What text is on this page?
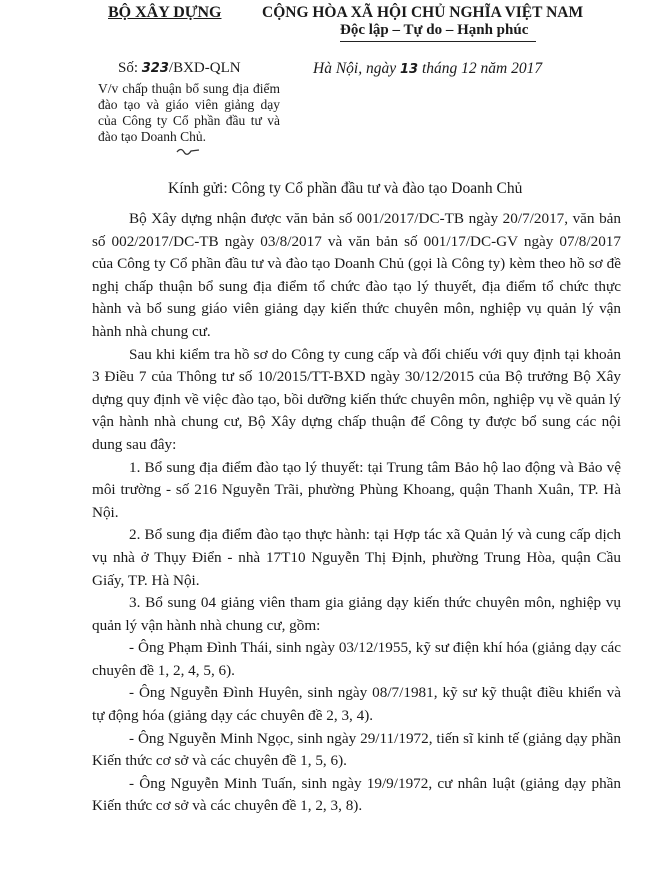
BỘ XÂY DỰNG	CỘNG HÒA XÃ HỘI CHỦ NGHĨA VIỆT NAM
Độc lập – Tự do – Hạnh phúc
Số: 323/BXD-QLN	Hà Nội, ngày 13 tháng 12 năm 2017
V/v chấp thuận bổ sung địa điểm đào tạo và giáo viên giảng dạy của Công ty Cổ phần đầu tư và đào tạo Doanh Chủ.
Kính gửi: Công ty Cổ phần đầu tư và đào tạo Doanh Chủ

Bộ Xây dựng nhận được văn bản số 001/2017/DC-TB ngày 20/7/2017, văn bản số 002/2017/DC-TB ngày 03/8/2017 và văn bản số 001/17/DC-GV ngày 07/8/2017 của Công ty Cổ phần đầu tư và đào tạo Doanh Chủ (gọi là Công ty) kèm theo hồ sơ đề nghị chấp thuận bổ sung địa điểm tổ chức đào tạo lý thuyết, địa điểm tổ chức thực hành và bổ sung giáo viên giảng dạy kiến thức chuyên môn, nghiệp vụ quản lý vận hành nhà chung cư.

Sau khi kiểm tra hồ sơ do Công ty cung cấp và đối chiếu với quy định tại khoản 3 Điều 7 của Thông tư số 10/2015/TT-BXD ngày 30/12/2015 của Bộ trưởng Bộ Xây dựng quy định về việc đào tạo, bồi dưỡng kiến thức chuyên môn, nghiệp vụ về quản lý vận hành nhà chung cư, Bộ Xây dựng chấp thuận để Công ty được bổ sung các nội dung sau đây:

1. Bổ sung địa điểm đào tạo lý thuyết: tại Trung tâm Bảo hộ lao động và Bảo vệ môi trường - số 216 Nguyễn Trãi, phường Phùng Khoang, quận Thanh Xuân, TP. Hà Nội.

2. Bổ sung địa điểm đào tạo thực hành: tại Hợp tác xã Quản lý và cung cấp dịch vụ nhà ở Thụy Điển - nhà 17T10 Nguyễn Thị Định, phường Trung Hòa, quận Cầu Giấy, TP. Hà Nội.

3. Bổ sung 04 giảng viên tham gia giảng dạy kiến thức chuyên môn, nghiệp vụ quản lý vận hành nhà chung cư, gồm:

- Ông Phạm Đình Thái, sinh ngày 03/12/1955, kỹ sư điện khí hóa (giảng dạy các chuyên đề 1, 2, 4, 5, 6).

- Ông Nguyễn Đình Huyên, sinh ngày 08/7/1981, kỹ sư kỹ thuật điều khiển và tự động hóa (giảng dạy các chuyên đề 2, 3, 4).

- Ông Nguyễn Minh Ngọc, sinh ngày 29/11/1972, tiến sĩ kinh tế (giảng dạy phần Kiến thức cơ sở và các chuyên đề 1, 5, 6).

- Ông Nguyễn Minh Tuấn, sinh ngày 19/9/1972, cư nhân luật (giảng dạy phần Kiến thức cơ sở và các chuyên đề 1, 2, 3, 8).
